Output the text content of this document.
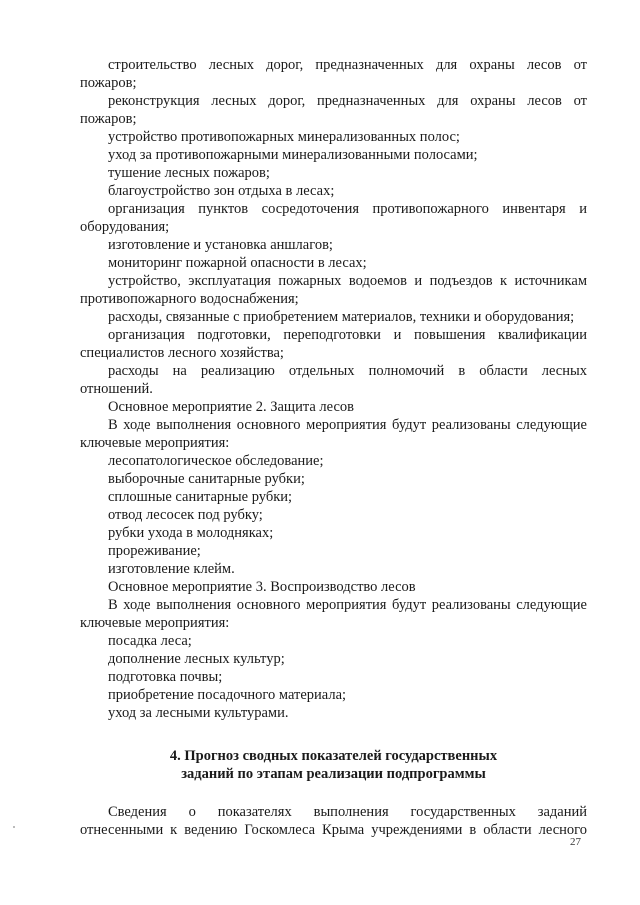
строительство лесных дорог, предназначенных для охраны лесов от пожаров;

реконструкция лесных дорог, предназначенных для охраны лесов от пожаров;

устройство противопожарных минерализованных полос;

уход за противопожарными минерализованными полосами;

тушение лесных пожаров;

благоустройство зон отдыха в лесах;

организация пунктов сосредоточения противопожарного инвентаря и оборудования;

изготовление и установка аншлагов;

мониторинг пожарной опасности в лесах;

устройство, эксплуатация пожарных водоемов и подъездов к источникам противопожарного водоснабжения;

расходы, связанные с приобретением материалов, техники и оборудования;

организация подготовки, переподготовки и повышения квалификации специалистов лесного хозяйства;

расходы на реализацию отдельных полномочий в области лесных отношений.

Основное мероприятие 2. Защита лесов

В ходе выполнения основного мероприятия будут реализованы следующие ключевые мероприятия:

лесопатологическое обследование;

выборочные санитарные рубки;

сплошные санитарные рубки;

отвод лесосек под рубку;

рубки ухода в молодняках;

прореживание;

изготовление клейм.

Основное мероприятие 3. Воспроизводство лесов

В ходе выполнения основного мероприятия будут реализованы следующие ключевые мероприятия:

посадка леса;

дополнение лесных культур;

подготовка почвы;

приобретение посадочного материала;

уход за лесными культурами.

4. Прогноз сводных показателей государственных
заданий по этапам реализации подпрограммы

Сведения о показателях выполнения государственных заданий

отнесенными к ведению Госкомлеса Крыма учреждениями в области лесного

27
